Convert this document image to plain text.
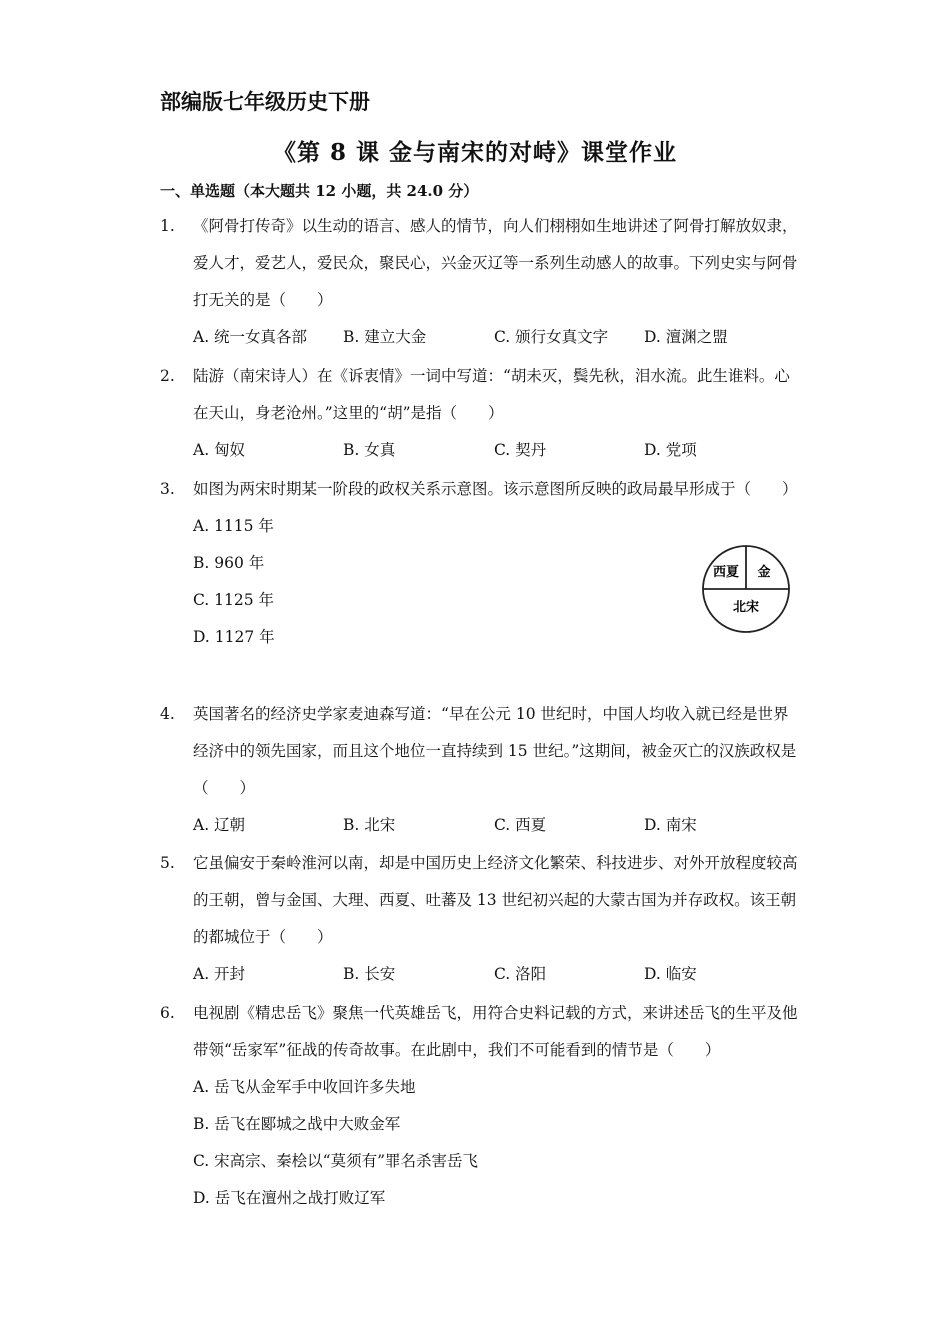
部编版七年级历史下册
《第 8 课 金与南宋的对峙》课堂作业
一、单选题（本大题共 12 小题，共 24.0 分）
1. 《阿骨打传奇》以生动的语言、感人的情节，向人们栩栩如生地讲述了阿骨打解放奴隶，爱人才，爱艺人，爱民众，聚民心，兴金灭辽等一系列生动感人的故事。下列史实与阿骨打无关的是（　　）
A. 统一女真各部 B. 建立大金	C. 颁行女真文字 D. 澶渊之盟
2. 陆游（南宋诗人）在《诉衷情》一词中写道：“胡未灭，鬓先秋，泪水流。此生谁料。心在天山，身老沧州。”这里的“胡”是指（　　）
A. 匈奴	B. 女真	C. 契丹	D. 党项
3. 如图为两宋时期某一阶段的政权关系示意图。该示意图所反映的政局最早形成于（　　）
A. 1115 年
B. 960 年
C. 1125 年
D. 1127 年
西夏 金
北宋
4. 英国著名的经济史学家麦迪森写道：“早在公元 10 世纪时，中国人均收入就已经是世界经济中的领先国家，而且这个地位一直持续到 15 世纪。”这期间，被金灭亡的汉族政权是（　　）
A. 辽朝	B. 北宋	C. 西夏	D. 南宋
5. 它虽偏安于秦岭淮河以南，却是中国历史上经济文化繁荣、科技进步、对外开放程度较高的王朝，曾与金国、大理、西夏、吐蕃及 13 世纪初兴起的大蒙古国为并存政权。该王朝的都城位于（　　）
A. 开封	B. 长安	C. 洛阳	D. 临安
6. 电视剧《精忠岳飞》聚焦一代英雄岳飞，用符合史料记载的方式，来讲述岳飞的生平及他带领“岳家军”征战的传奇故事。在此剧中，我们不可能看到的情节是（　　）
A. 岳飞从金军手中收回许多失地
B. 岳飞在郾城之战中大败金军
C. 宋高宗、秦桧以“莫须有”罪名杀害岳飞
D. 岳飞在澶州之战打败辽军
